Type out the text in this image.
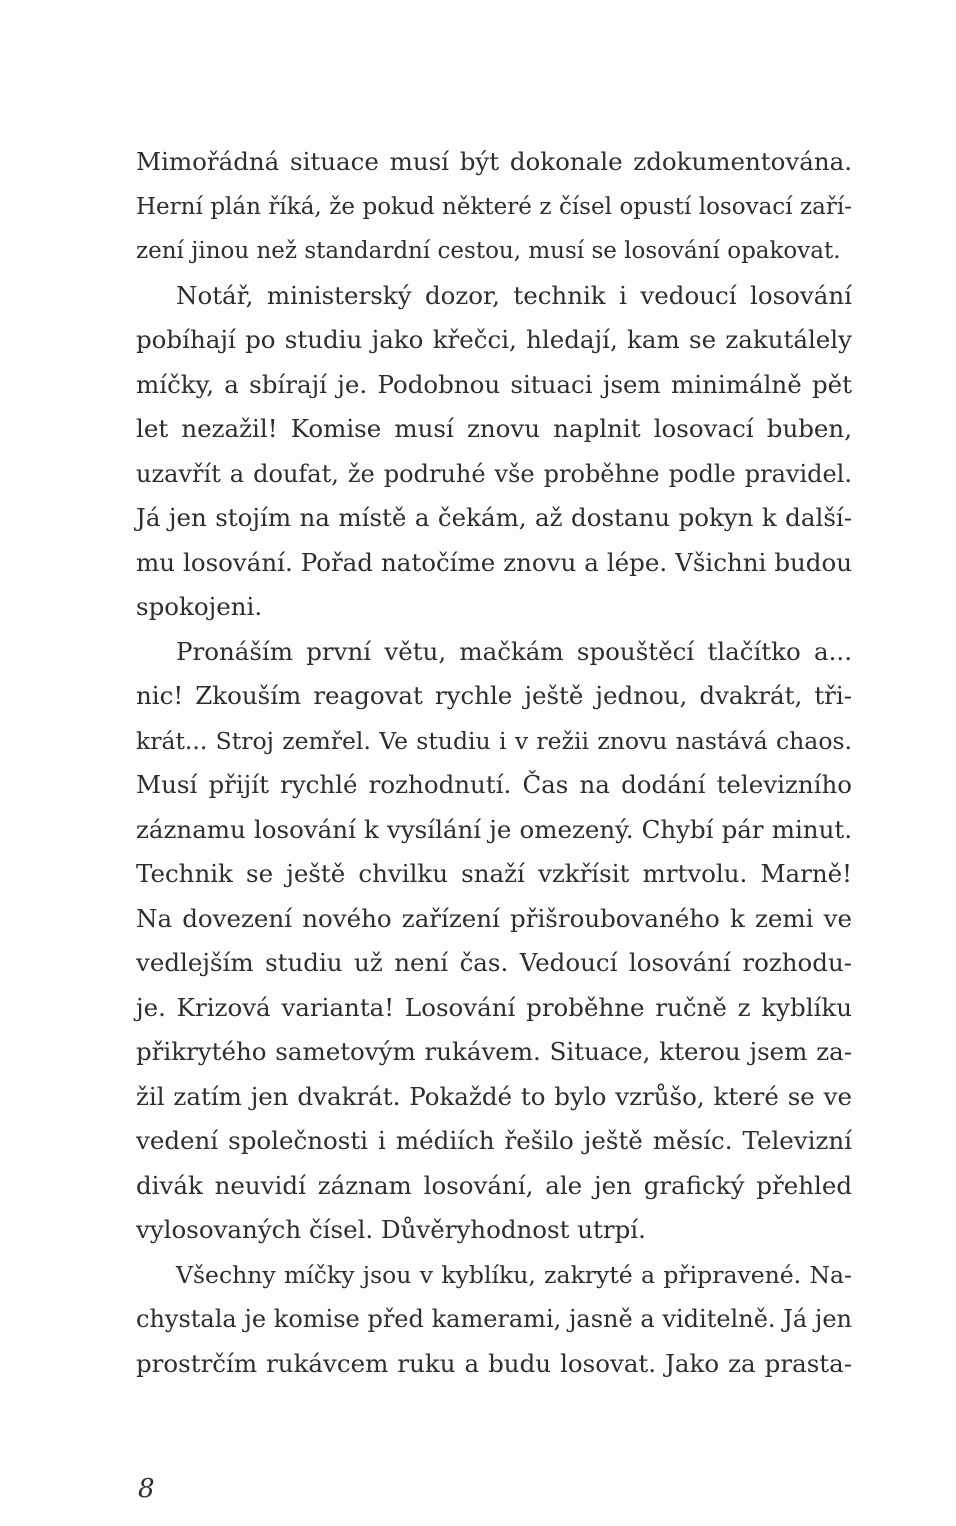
Mimořádná situace musí být dokonale zdokumentována.
Herní plán říká, že pokud některé z čísel opustí losovací zaří-
zení jinou než standardní cestou, musí se losování opakovat.
Notář, ministerský dozor, technik i vedoucí losování
pobíhají po studiu jako křečci, hledají, kam se zakutálely
míčky, a sbírají je. Podobnou situaci jsem minimálně pět
let nezažil! Komise musí znovu naplnit losovací buben,
uzavřít a doufat, že podruhé vše proběhne podle pravidel.
Já jen stojím na místě a čekám, až dostanu pokyn k další-
mu losování. Pořad natočíme znovu a lépe. Všichni budou
spokojeni.
Pronáším první větu, mačkám spouštěcí tlačítko a...
nic! Zkouším reagovat rychle ještě jednou, dvakrát, tři-
krát... Stroj zemřel. Ve studiu i v režii znovu nastává chaos.
Musí přijít rychlé rozhodnutí. Čas na dodání televizního
záznamu losování k vysílání je omezený. Chybí pár minut.
Technik se ještě chvilku snaží vzkřísit mrtvolu. Marně!
Na dovezení nového zařízení přišroubovaného k zemi ve
vedlejším studiu už není čas. Vedoucí losování rozhodu-
je. Krizová varianta! Losování proběhne ručně z kyblíku
přikrytého sametovým rukávem. Situace, kterou jsem za-
žil zatím jen dvakrát. Pokaždé to bylo vzrůšo, které se ve
vedení společnosti i médiích řešilo ještě měsíc. Televizní
divák neuvidí záznam losování, ale jen grafický přehled
vylosovaných čísel. Důvěryhodnost utrpí.
Všechny míčky jsou v kyblíku, zakryté a připravené. Na-
chystala je komise před kamerami, jasně a viditelně. Já jen
prostrčím rukávcem ruku a budu losovat. Jako za prasta-
8
